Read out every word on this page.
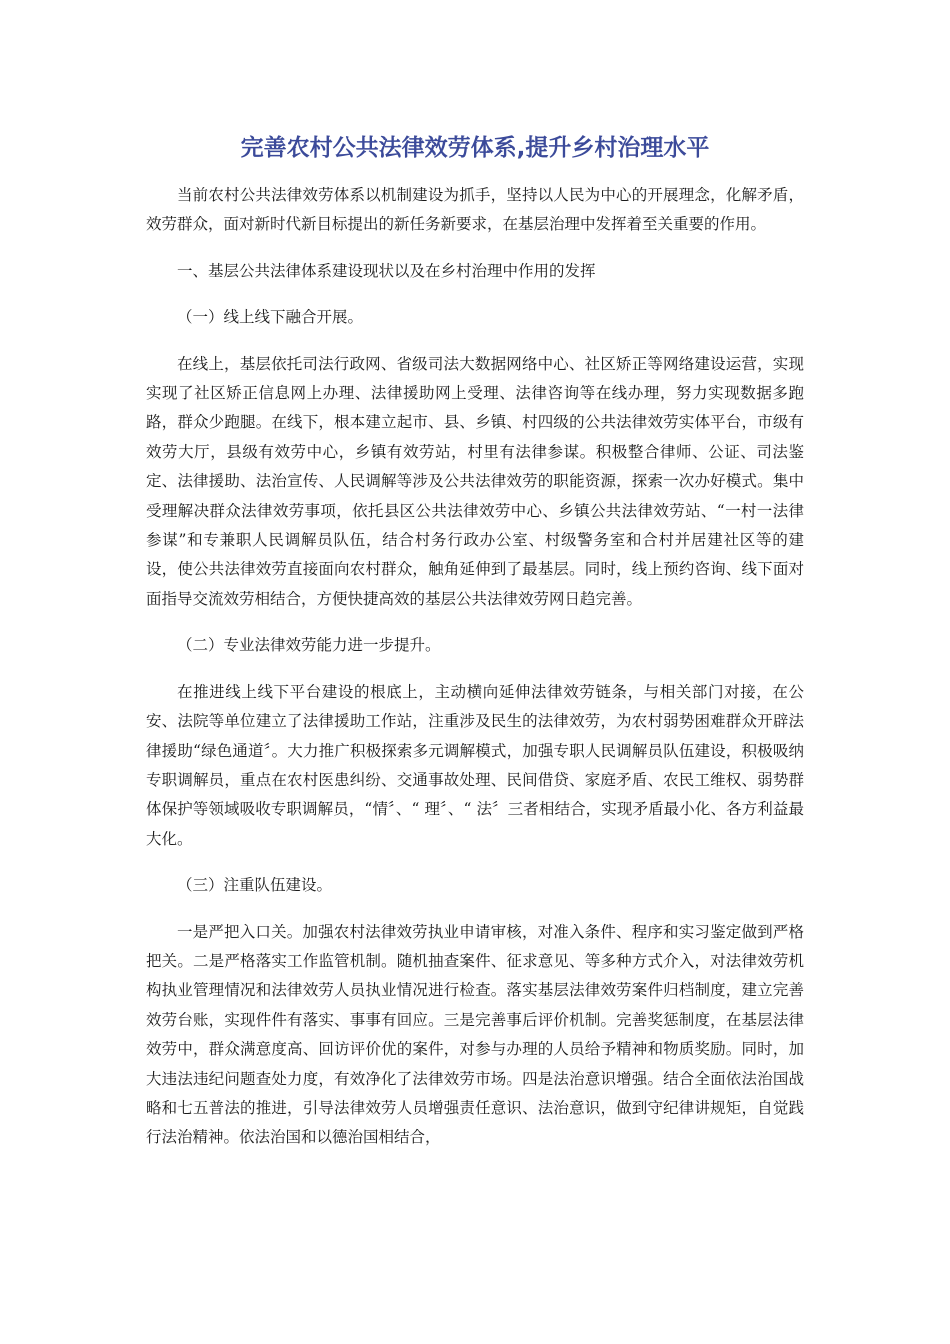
完善农村公共法律效劳体系,提升乡村治理水平

当前农村公共法律效劳体系以机制建设为抓手，坚持以人民为中心的开展理念，化解矛盾，效劳群众，面对新时代新目标提出的新任务新要求，在基层治理中发挥着至关重要的作用。

一、基层公共法律体系建设现状以及在乡村治理中作用的发挥

（一）线上线下融合开展。

在线上，基层依托司法行政网、省级司法大数据网络中心、社区矫正等网络建设运营，实现实现了社区矫正信息网上办理、法律援助网上受理、法律咨询等在线办理，努力实现数据多跑路，群众少跑腿。在线下，根本建立起市、县、乡镇、村四级的公共法律效劳实体平台，市级有效劳大厅，县级有效劳中心，乡镇有效劳站，村里有法律参谋。积极整合律师、公证、司法鉴定、法律援助、法治宣传、人民调解等涉及公共法律效劳的职能资源，探索一次办好模式。集中受理解决群众法律效劳事项，依托县区公共法律效劳中心、乡镇公共法律效劳站、“一村一法律参谋”和专兼职人民调解员队伍，结合村务行政办公室、村级警务室和合村并居建社区等的建设，使公共法律效劳直接面向农村群众，触角延伸到了最基层。同时，线上预约咨询、线下面对面指导交流效劳相结合，方便快捷高效的基层公共法律效劳网日趋完善。

（二）专业法律效劳能力进一步提升。

在推进线上线下平台建设的根底上，主动横向延伸法律效劳链条，与相关部门对接，在公安、法院等单位建立了法律援助工作站，注重涉及民生的法律效劳，为农村弱势困难群众开辟法律援助“绿色通道〞。大力推广积极探索多元调解模式，加强专职人民调解员队伍建设，积极吸纳专职调解员，重点在农村医患纠纷、交通事故处理、民间借贷、家庭矛盾、农民工维权、弱势群体保护等领域吸收专职调解员，“情〞、“ 理〞、“ 法〞三者相结合，实现矛盾最小化、各方利益最大化。

（三）注重队伍建设。

一是严把入口关。加强农村法律效劳执业申请审核，对准入条件、程序和实习鉴定做到严格把关。二是严格落实工作监管机制。随机抽查案件、征求意见、等多种方式介入，对法律效劳机构执业管理情况和法律效劳人员执业情况进行检查。落实基层法律效劳案件归档制度，建立完善效劳台账，实现件件有落实、事事有回应。三是完善事后评价机制。完善奖惩制度，在基层法律效劳中，群众满意度高、回访评价优的案件，对参与办理的人员给予精神和物质奖励。同时，加大违法违纪问题查处力度，有效净化了法律效劳市场。四是法治意识增强。结合全面依法治国战略和七五普法的推进，引导法律效劳人员增强责任意识、法治意识，做到守纪律讲规矩，自觉践行法治精神。依法治国和以德治国相结合，
